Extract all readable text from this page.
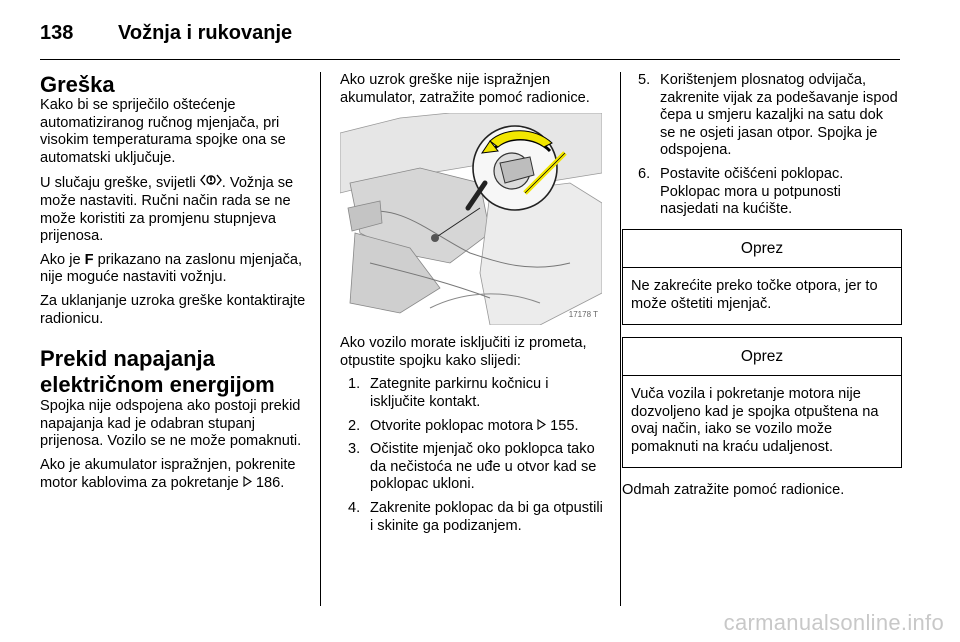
138 Vožnja i rukovanje
Greška

Kako bi se spriječilo oštećenje automatiziranog ručnog mjenjača, pri visokim temperaturama spojke ona se automatski uključuje.

U slučaju greške, svijetli . Vožnja se može nastaviti. Ručni način rada se ne može koristiti za promjenu stupnjeva prijenosa.

Ako je F prikazano na zaslonu mjenjača, nije moguće nastaviti vožnju.

Za uklanjanje uzroka greške kontaktirajte radionicu.

Prekid napajanja električnom energijom

Spojka nije odspojena ako postoji prekid napajanja kad je odabran stupanj prijenosa. Vozilo se ne može pomaknuti.

Ako je akumulator ispražnjen, pokrenite motor kablovima za pokretanje  186.

Ako uzrok greške nije ispražnjen akumulator, zatražite pomoć radionice.

17178 T

Ako vozilo morate isključiti iz prometa, otpustite spojku kako slijedi:

1. Zategnite parkirnu kočnicu i isključite kontakt.
2. Otvorite poklopac motora  155.
3. Očistite mjenjač oko poklopca tako da nečistoća ne uđe u otvor kad se poklopac ukloni.
4. Zakrenite poklopac da bi ga otpustili i skinite ga podizanjem.
5. Korištenjem plosnatog odvijača, zakrenite vijak za podešavanje ispod čepa u smjeru kazaljki na satu dok se ne osjeti jasan otpor. Spojka je odspojena.
6. Postavite očišćeni poklopac. Poklopac mora u potpunosti nasjedati na kućište.
Oprez
Ne zakrećite preko točke otpora, jer to može oštetiti mjenjač.
Oprez
Vuča vozila i pokretanje motora nije dozvoljeno kad je spojka otpuštena na ovaj način, iako se vozilo može pomaknuti na kraću udaljenost.

Odmah zatražite pomoć radionice.

carmanualsonline.info
